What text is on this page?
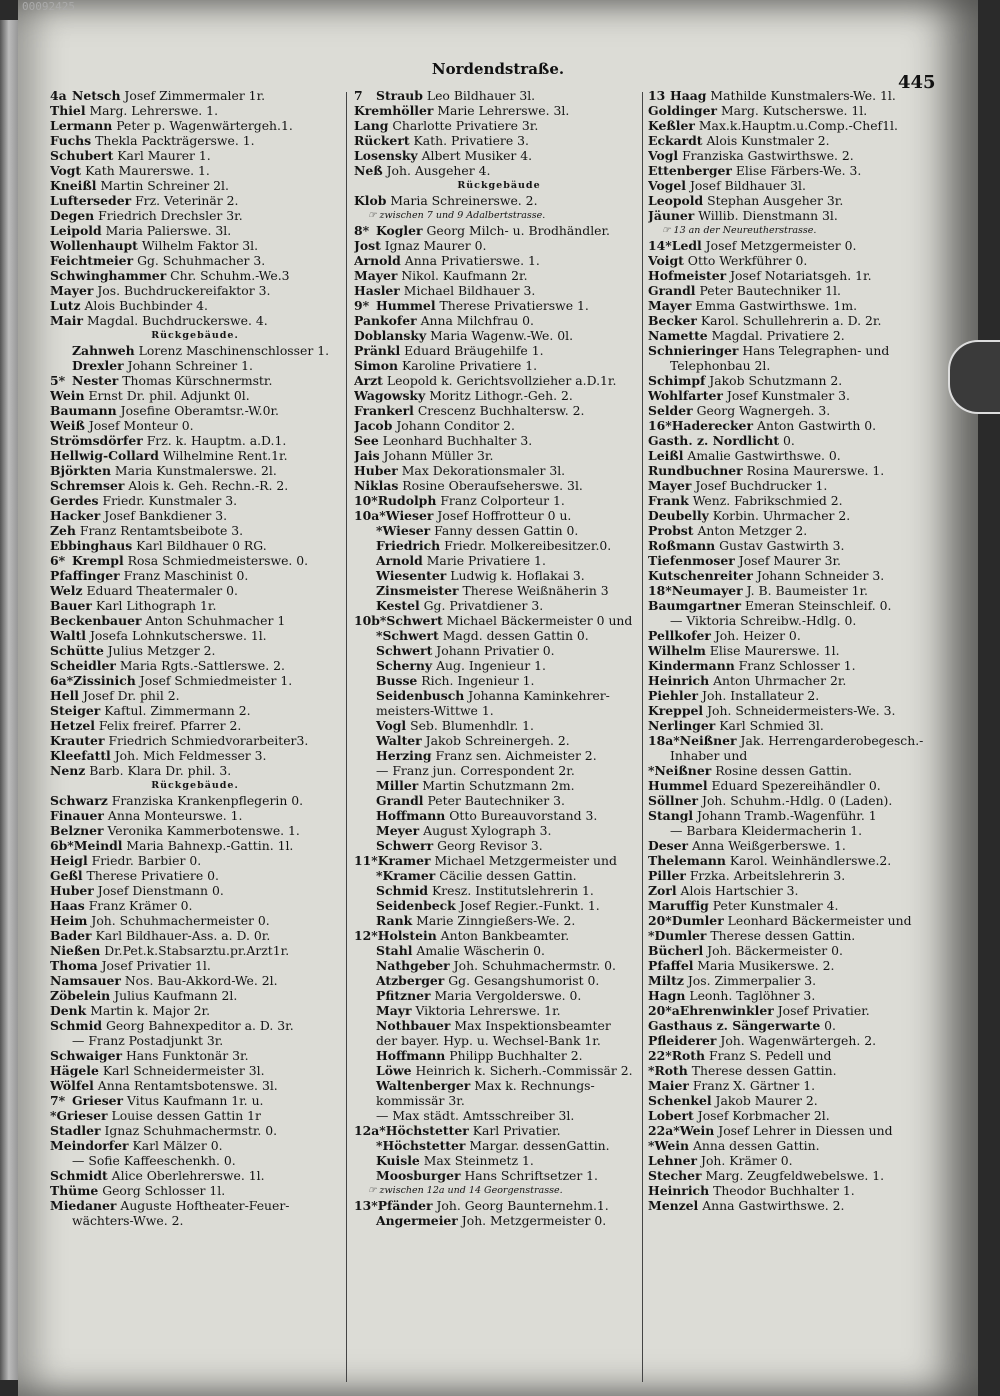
00092425
Nordendstraße.
445
4a Netsch Josef Zimmermaler 1r.
Thiel Marg. Lehrerswe. 1.
Lermann Peter p. Wagenwärtergeh.1.
Fuchs Thekla Packträgerswe. 1.
Schubert Karl Maurer 1.
Vogt Kath Maurerswe. 1.
Kneißl Martin Schreiner 2l.
Lufterseder Frz. Veterinär 2.
Degen Friedrich Drechsler 3r.
Leipold Maria Palierswe. 3l.
Wollenhaupt Wilhelm Faktor 3l.
Feichtmeier Gg. Schuhmacher 3.
Schwinghammer Chr. Schuhm.-We.3
Mayer Jos. Buchdruckereifaktor 3.
Lutz Alois Buchbinder 4.
Mair Magdal. Buchdruckerswe. 4.
Rückgebäude.
Zahnweh Lorenz Maschinenschlosser 1.
Drexler Johann Schreiner 1.
5* Nester Thomas Kürschnermstr.
Wein Ernst Dr. phil. Adjunkt 0l.
Baumann Josefine Oberamtsr.-W.0r.
Weiß Josef Monteur 0.
Strömsdörfer Frz. k. Hauptm. a.D.1.
Hellwig-Collard Wilhelmine Rent.1r.
Björkten Maria Kunstmalerswe. 2l.
Schremser Alois k. Geh. Rechn.-R. 2.
Gerdes Friedr. Kunstmaler 3.
Hacker Josef Bankdiener 3.
Zeh Franz Rentamtsbeibote 3.
Ebbinghaus Karl Bildhauer 0 RG.
6* Krempl Rosa Schmiedmeisterswe. 0.
Pfaffinger Franz Maschinist 0.
Welz Eduard Theatermaler 0.
Bauer Karl Lithograph 1r.
Beckenbauer Anton Schuhmacher 1
Waltl Josefa Lohnkutscherswe. 1l.
Schütte Julius Metzger 2.
Scheidler Maria Rgts.-Sattlerswe. 2.
6a*Zissinich Josef Schmiedmeister 1.
Hell Josef Dr. phil 2.
Steiger Kaftul. Zimmermann 2.
Hetzel Felix freiref. Pfarrer 2.
Krauter Friedrich Schmiedvorarbeiter3.
Kleefattl Joh. Mich Feldmesser 3.
Nenz Barb. Klara Dr. phil. 3.
Rückgebäude.
Schwarz Franziska Krankenpflegerin 0.
Finauer Anna Monteurswe. 1.
Belzner Veronika Kammerbotenswe. 1.
6b*Meindl Maria Bahnexp.-Gattin. 1l.
Heigl Friedr. Barbier 0.
Geßl Therese Privatiere 0.
Huber Josef Dienstmann 0.
Haas Franz Krämer 0.
Heim Joh. Schuhmachermeister 0.
Bader Karl Bildhauer-Ass. a. D. 0r.
Nießen Dr.Pet.k.Stabsarztu.pr.Arzt1r.
Thoma Josef Privatier 1l.
Namsauer Nos. Bau-Akkord-We. 2l.
Zöbelein Julius Kaufmann 2l.
Denk Martin k. Major 2r.
Schmid Georg Bahnexpeditor a. D. 3r.
— Franz Postadjunkt 3r.
Schwaiger Hans Funktonär 3r.
Hägele Karl Schneidermeister 3l.
Wölfel Anna Rentamtsbotenswe. 3l.
7* Grieser Vitus Kaufmann 1r. u.
*Grieser Louise dessen Gattin 1r
Stadler Ignaz Schuhmachermstr. 0.
Meindorfer Karl Mälzer 0.
— Sofie Kaffeeschenkh. 0.
Schmidt Alice Oberlehrerswe. 1l.
Thüme Georg Schlosser 1l.
Miedaner Auguste Hoftheater-Feuer-
wächters-Wwe. 2.
7 Straub Leo Bildhauer 3l.
Kremhöller Marie Lehrerswe. 3l.
Lang Charlotte Privatiere 3r.
Rückert Kath. Privatiere 3.
Losensky Albert Musiker 4.
Neß Joh. Ausgeher 4.
Rückgebäude
Klob Maria Schreinerswe. 2.
☞ zwischen 7 und 9 Adalbertstrasse.
8* Kogler Georg Milch- u. Brodhändler.
Jost Ignaz Maurer 0.
Arnold Anna Privatierswe. 1.
Mayer Nikol. Kaufmann 2r.
Hasler Michael Bildhauer 3.
9* Hummel Therese Privatierswe 1.
Pankofer Anna Milchfrau 0.
Doblansky Maria Wagenw.-We. 0l.
Pränkl Eduard Bräugehilfe 1.
Simon Karoline Privatiere 1.
Arzt Leopold k. Gerichtsvollzieher a.D.1r.
Wagowsky Moritz Lithogr.-Geh. 2.
Frankerl Crescenz Buchhaltersw. 2.
Jacob Johann Conditor 2.
See Leonhard Buchhalter 3.
Jais Johann Müller 3r.
Huber Max Dekorationsmaler 3l.
Niklas Rosine Oberaufseherswe. 3l.
10*Rudolph Franz Colporteur 1.
10a*Wieser Josef Hoffrotteur 0 u.
*Wieser Fanny dessen Gattin 0.
Friedrich Friedr. Molkereibesitzer.0.
Arnold Marie Privatiere 1.
Wiesenter Ludwig k. Hoflakai 3.
Zinsmeister Therese Weißnäherin 3
Kestel Gg. Privatdiener 3.
10b*Schwert Michael Bäckermeister 0 und
*Schwert Magd. dessen Gattin 0.
Schwert Johann Privatier 0.
Scherny Aug. Ingenieur 1.
Busse Rich. Ingenieur 1.
Seidenbusch Johanna Kaminkehrer-
meisters-Wittwe 1.
Vogl Seb. Blumenhdlr. 1.
Walter Jakob Schreinergeh. 2.
Herzing Franz sen. Aichmeister 2.
— Franz jun. Correspondent 2r.
Miller Martin Schutzmann 2m.
Grandl Peter Bautechniker 3.
Hoffmann Otto Bureauvorstand 3.
Meyer August Xylograph 3.
Schwerr Georg Revisor 3.
11*Kramer Michael Metzgermeister und
*Kramer Cäcilie dessen Gattin.
Schmid Kresz. Institutslehrerin 1.
Seidenbeck Josef Regier.-Funkt. 1.
Rank Marie Zinngießers-We. 2.
12*Holstein Anton Bankbeamter.
Stahl Amalie Wäscherin 0.
Nathgeber Joh. Schuhmachermstr. 0.
Atzberger Gg. Gesangshumorist 0.
Pfitzner Maria Vergolderswe. 0.
Mayr Viktoria Lehrerswe. 1r.
Nothbauer Max Inspektionsbeamter
der bayer. Hyp. u. Wechsel-Bank 1r.
Hoffmann Philipp Buchhalter 2.
Löwe Heinrich k. Sicherh.-Commissär 2.
Waltenberger Max k. Rechnungs-
kommissär 3r.
— Max städt. Amtsschreiber 3l.
12a*Höchstetter Karl Privatier.
*Höchstetter Margar. dessenGattin.
Kuisle Max Steinmetz 1.
Moosburger Hans Schriftsetzer 1.
☞ zwischen 12a und 14 Georgenstrasse.
13*Pfänder Joh. Georg Baunternehm.1.
Angermeier Joh. Metzgermeister 0.
13 Haag Mathilde Kunstmalers-We. 1l.
Goldinger Marg. Kutscherswe. 1l.
Keßler Max.k.Hauptm.u.Comp.-Chef1l.
Eckardt Alois Kunstmaler 2.
Vogl Franziska Gastwirthswe. 2.
Ettenberger Elise Färbers-We. 3.
Vogel Josef Bildhauer 3l.
Leopold Stephan Ausgeher 3r.
Jäuner Willib. Dienstmann 3l.
☞ 13 an der Neureutherstrasse.
14*Ledl Josef Metzgermeister 0.
Voigt Otto Werkführer 0.
Hofmeister Josef Notariatsgeh. 1r.
Grandl Peter Bautechniker 1l.
Mayer Emma Gastwirthswe. 1m.
Becker Karol. Schullehrerin a. D. 2r.
Namette Magdal. Privatiere 2.
Schnieringer Hans Telegraphen- und
Telephonbau 2l.
Schimpf Jakob Schutzmann 2.
Wohlfarter Josef Kunstmaler 3.
Selder Georg Wagnergeh. 3.
16*Haderecker Anton Gastwirth 0.
Gasth. z. Nordlicht 0.
Leißl Amalie Gastwirthswe. 0.
Rundbuchner Rosina Maurerswe. 1.
Mayer Josef Buchdrucker 1.
Frank Wenz. Fabrikschmied 2.
Deubelly Korbin. Uhrmacher 2.
Probst Anton Metzger 2.
Roßmann Gustav Gastwirth 3.
Tiefenmoser Josef Maurer 3r.
Kutschenreiter Johann Schneider 3.
18*Neumayer J. B. Baumeister 1r.
Baumgartner Emeran Steinschleif. 0.
— Viktoria Schreibw.-Hdlg. 0.
Pellkofer Joh. Heizer 0.
Wilhelm Elise Maurerswe. 1l.
Kindermann Franz Schlosser 1.
Heinrich Anton Uhrmacher 2r.
Piehler Joh. Installateur 2.
Kreppel Joh. Schneidermeisters-We. 3.
Nerlinger Karl Schmied 3l.
18a*Neißner Jak. Herrengarderobegesch.-
Inhaber und
*Neißner Rosine dessen Gattin.
Hummel Eduard Spezereihändler 0.
Söllner Joh. Schuhm.-Hdlg. 0 (Laden).
Stangl Johann Tramb.-Wagenführ. 1
— Barbara Kleidermacherin 1.
Deser Anna Weißgerberswe. 1.
Thelemann Karol. Weinhändlerswe.2.
Piller Frzka. Arbeitslehrerin 3.
Zorl Alois Hartschier 3.
Maruffig Peter Kunstmaler 4.
20*Dumler Leonhard Bäckermeister und
*Dumler Therese dessen Gattin.
Bücherl Joh. Bäckermeister 0.
Pfaffel Maria Musikerswe. 2.
Miltz Jos. Zimmerpalier 3.
Hagn Leonh. Taglöhner 3.
20*aEhrenwinkler Josef Privatier.
Gasthaus z. Sängerwarte 0.
Pfleiderer Joh. Wagenwärtergeh. 2.
22*Roth Franz S. Pedell und
*Roth Therese dessen Gattin.
Maier Franz X. Gärtner 1.
Schenkel Jakob Maurer 2.
Lobert Josef Korbmacher 2l.
22a*Wein Josef Lehrer in Diessen und
*Wein Anna dessen Gattin.
Lehner Joh. Krämer 0.
Stecher Marg. Zeugfeldwebelswe. 1.
Heinrich Theodor Buchhalter 1.
Menzel Anna Gastwirthswe. 2.
